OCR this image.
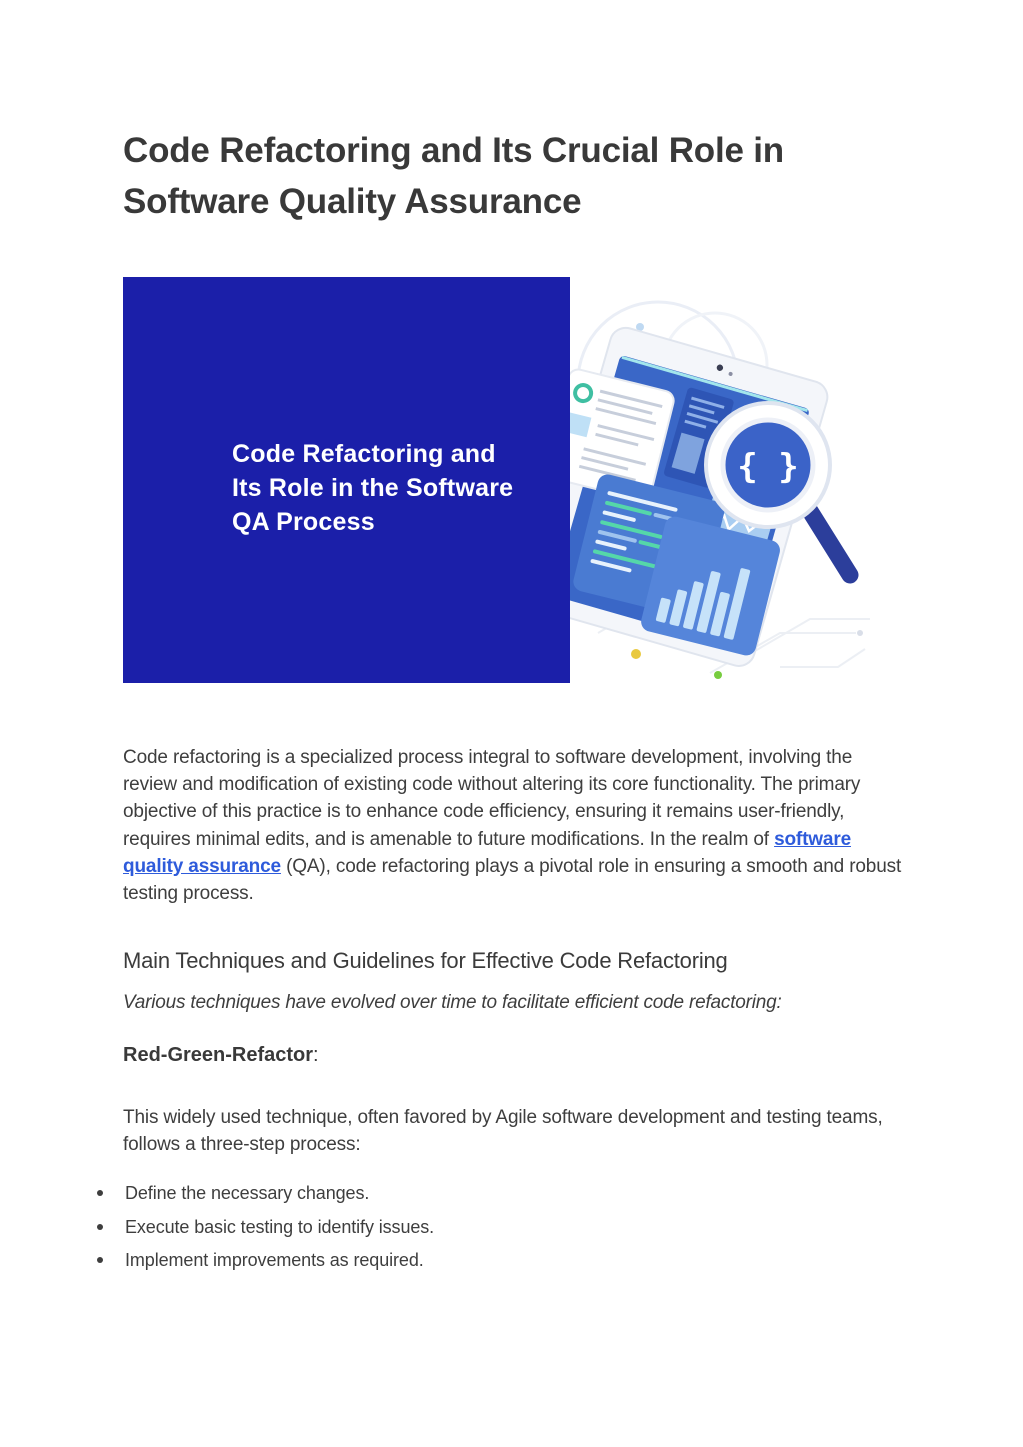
Code Refactoring and Its Crucial Role in Software Quality Assurance
Code Refactoring and
Its Role in the Software
QA Process
{ }

Code refactoring is a specialized process integral to software development, involving the review and modification of existing code without altering its core functionality. The primary objective of this practice is to enhance code efficiency, ensuring it remains user-friendly, requires minimal edits, and is amenable to future modifications. In the realm of software quality assurance (QA), code refactoring plays a pivotal role in ensuring a smooth and robust testing process.

Main Techniques and Guidelines for Effective Code Refactoring
Various techniques have evolved over time to facilitate efficient code refactoring:
Red-Green-Refactor:

This widely used technique, often favored by Agile software development and testing teams, follows a three-step process:

Define the necessary changes.
Execute basic testing to identify issues.
Implement improvements as required.
